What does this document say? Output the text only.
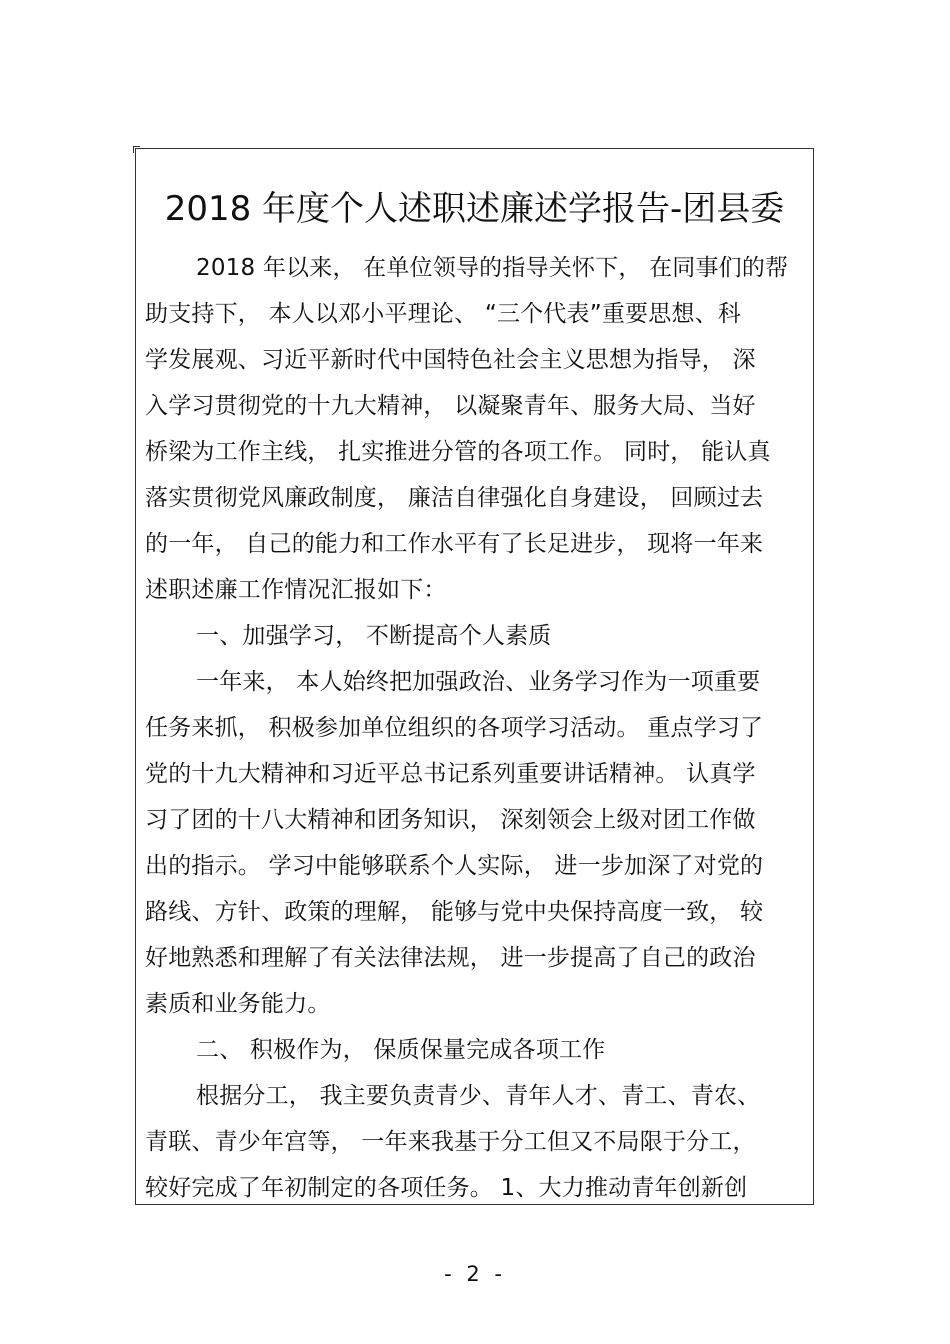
2018 年度个人述职述廉述学报告-团县委
2018 年以来， 在单位领导的指导关怀下， 在同事们的帮
助支持下， 本人以邓小平理论、 “三个代表”重要思想、科
学发展观、习近平新时代中国特色社会主义思想为指导， 深
入学习贯彻党的十九大精神， 以凝聚青年、服务大局、当好
桥梁为工作主线， 扎实推进分管的各项工作。 同时， 能认真
落实贯彻党风廉政制度， 廉洁自律强化自身建设， 回顾过去
的一年， 自己的能力和工作水平有了长足进步， 现将一年来
述职述廉工作情况汇报如下：
一、加强学习， 不断提高个人素质
一年来， 本人始终把加强政治、业务学习作为一项重要
任务来抓， 积极参加单位组织的各项学习活动。 重点学习了
党的十九大精神和习近平总书记系列重要讲话精神。 认真学
习了团的十八大精神和团务知识， 深刻领会上级对团工作做
出的指示。 学习中能够联系个人实际， 进一步加深了对党的
路线、方针、政策的理解， 能够与党中央保持高度一致， 较
好地熟悉和理解了有关法律法规， 进一步提高了自己的政治
素质和业务能力。
二、 积极作为， 保质保量完成各项工作
根据分工， 我主要负责青少、青年人才、青工、青农、
青联、青少年宫等， 一年来我基于分工但又不局限于分工，
较好完成了年初制定的各项任务。 1、大力推动青年创新创
- 2 -
